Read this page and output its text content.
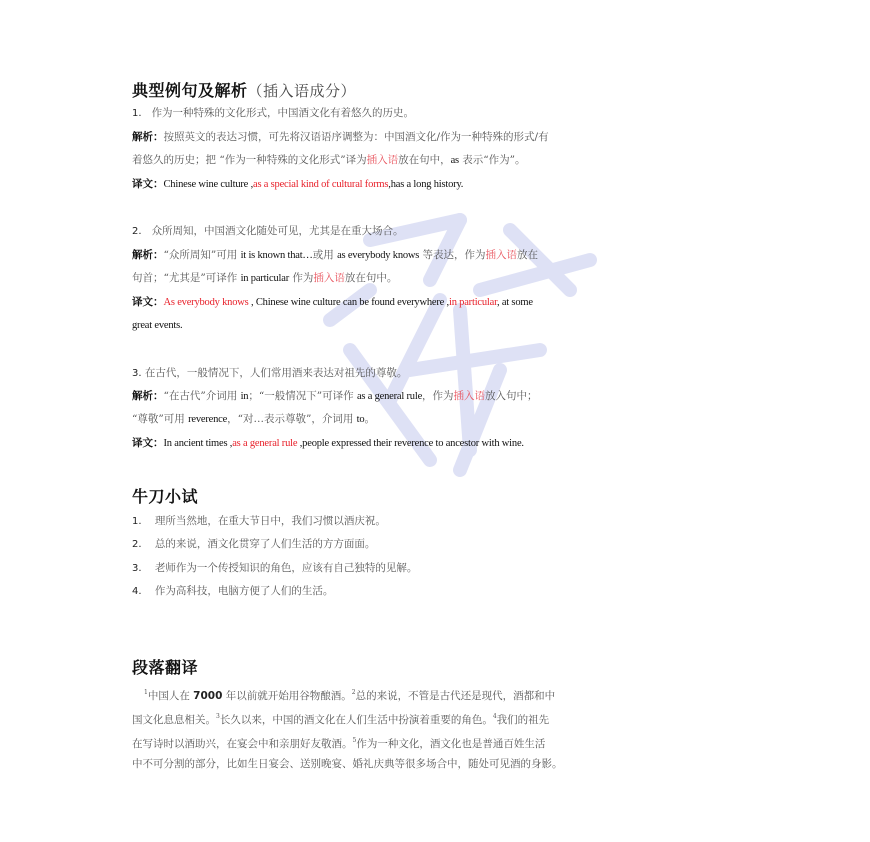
典型例句及解析（插入语成分）
1. 作为一种特殊的文化形式，中国酒文化有着悠久的历史。
解析：按照英文的表达习惯，可先将汉语语序调整为：中国酒文化/作为一种特殊的形式/有
着悠久的历史；把 “作为一种特殊的文化形式”译为插入语放在句中，as 表示“作为”。
译文：Chinese wine culture ,as a special kind of cultural forms,has a long history.
2. 众所周知，中国酒文化随处可见，尤其是在重大场合。
解析：“众所周知”可用 it is known that…或用 as everybody knows 等表达，作为插入语放在
句首；“尤其是”可译作 in particular 作为插入语放在句中。
译文：As everybody knows , Chinese wine culture can be found everywhere ,in particular, at some
great events.
3. 在古代，一般情况下，人们常用酒来表达对祖先的尊敬。
解析：“在古代”介词用 in；“一般情况下”可译作 as a general rule，作为插入语放入句中；
“尊敬”可用 reverence，“对…表示尊敬”，介词用 to。
译文：In ancient times ,as a general rule ,people expressed their reverence to ancestor with wine.
牛刀小试
1. 理所当然地，在重大节日中，我们习惯以酒庆祝。
2. 总的来说，酒文化贯穿了人们生活的方方面面。
3. 老师作为一个传授知识的角色，应该有自己独特的见解。
4. 作为高科技，电脑方便了人们的生活。
段落翻译
$^1$中国人在 7000 年以前就开始用谷物酿酒。$^2$总的来说，不管是古代还是现代，酒都和中
国文化息息相关。$^3$长久以来，中国的酒文化在人们生活中扮演着重要的角色。$^4$我们的祖先
在写诗时以酒助兴，在宴会中和亲朋好友敬酒。$^5$作为一种文化，酒文化也是普通百姓生活
中不可分割的部分，比如生日宴会、送别晚宴、婚礼庆典等很多场合中，随处可见酒的身影。
